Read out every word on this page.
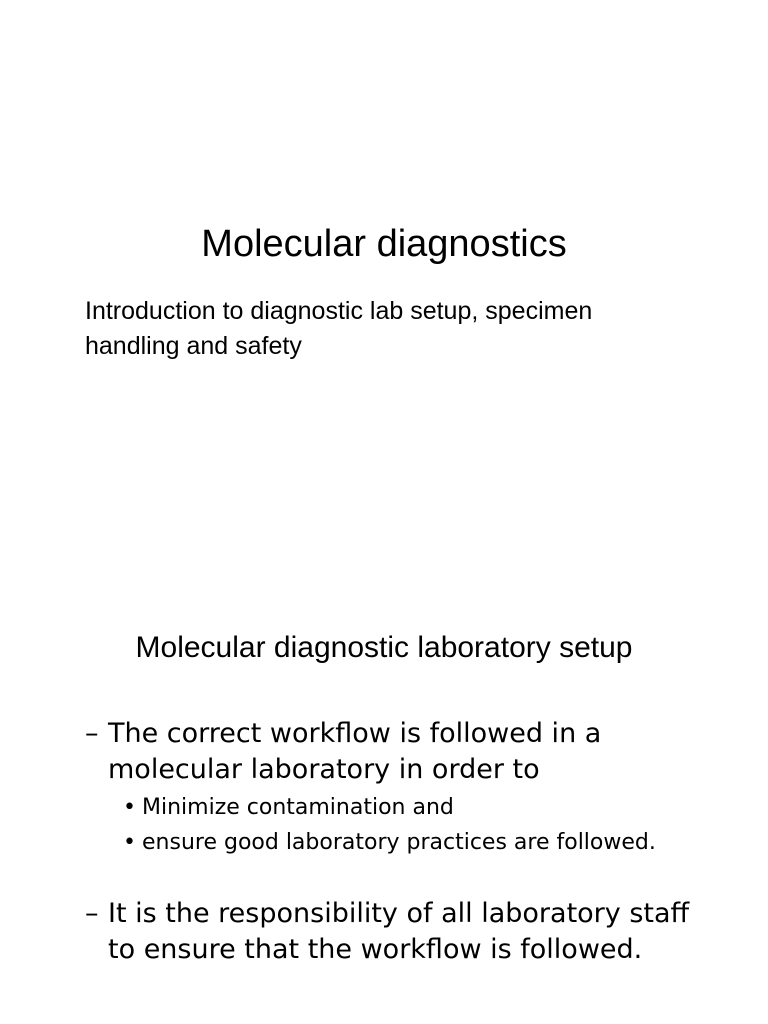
Molecular diagnostics

Introduction to diagnostic lab setup, specimen handling and safety

Molecular diagnostic laboratory setup
– The correct workflow is followed in a molecular laboratory in order to
• Minimize contamination and
• ensure good laboratory practices are followed.
– It is the responsibility of all laboratory staff to ensure that the workflow is followed.
